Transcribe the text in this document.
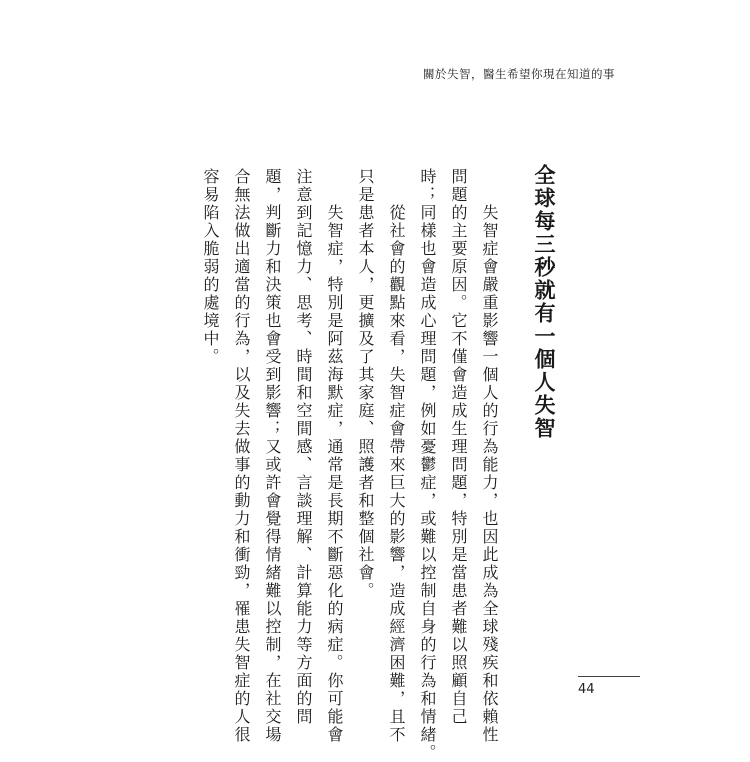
關於失智，醫生希望你現在知道的事
全球每三秒就有一個人失智
失智症會嚴重影響一個人的行為能力，也因此成為全球殘疾和依賴性
問題的主要原因。它不僅會造成生理問題，特別是當患者難以照顧自己
時；同樣也會造成心理問題，例如憂鬱症，或難以控制自身的行為和情緒。
從社會的觀點來看，失智症會帶來巨大的影響，造成經濟困難，且不
只是患者本人，更擴及了其家庭、照護者和整個社會。
失智症，特別是阿茲海默症，通常是長期不斷惡化的病症。你可能會
注意到記憶力、思考、時間和空間感、言談理解、計算能力等方面的問
題，判斷力和決策也會受到影響；又或許會覺得情緒難以控制，在社交場
合無法做出適當的行為，以及失去做事的動力和衝勁，罹患失智症的人很
容易陷入脆弱的處境中。
44
